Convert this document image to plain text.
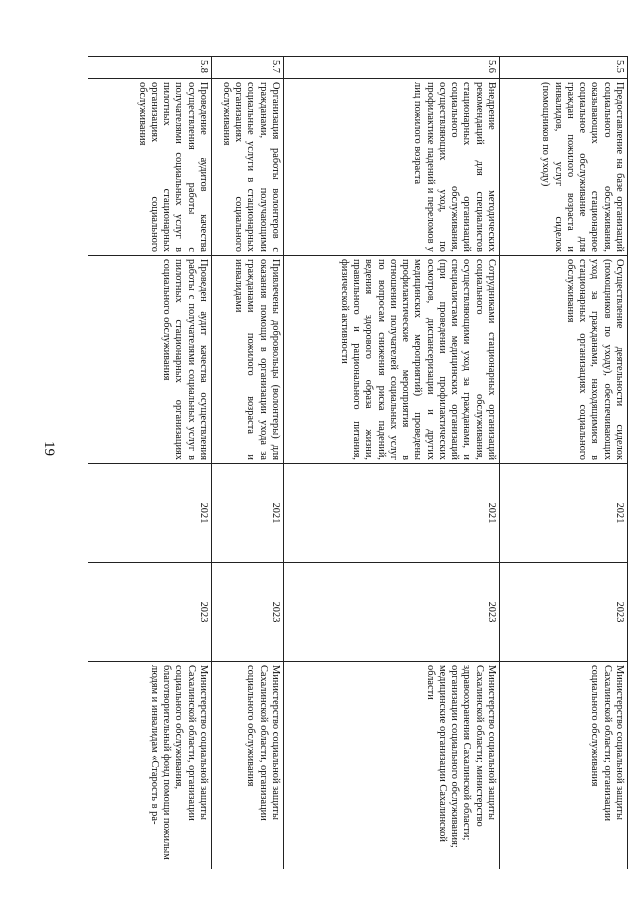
19
5.5	Предоставление на базе организаций социального обслуживания, оказывающих стационарное социальное обслуживание для граждан пожилого возраста и инвалидов, услуг сиделок (помощников по уходу)	Осуществление деятельности сиделок (помощников по уходу), обеспечивающих уход за гражданами, находящимися в стационарных организациях социального обслуживания	2021	2023	Министерство социальной защиты Сахалинской области; организации социального обслуживания
5.6	Внедрение методических рекомендаций для специалистов стационарных организаций социального обслуживания, осуществляющих уход, по профилактике падений и переломов у лиц пожилого возраста	Сотрудниками стационарных организаций социального обслуживания, осуществляющими уход за гражданами, и специалистами медицинских организаций (при проведении профилактических осмотров, диспансеризации и других медицинских мероприятий) проведены профилактические мероприятия в отношении получателей социальных услуг по вопросам снижения риска падений, ведения здорового образа жизни, правильного и рационального питания, физической активности	2021	2023	Министерство социальной защиты Сахалинской области; министерство здравоохранения Сахалинской области; организации социального обслуживания; медицинские организации Сахалинской области
5.7	Организация работы волонтеров с гражданами, получающими социальные услуги в стационарных организациях социального обслуживания	Привлечены добровольцы (волонтеры) для оказания помощи в организации ухода за гражданами пожилого возраста и инвалидами	2021	2023	Министерство социальной защиты Сахалинской области, организации социального обслуживания
5.8	Проведение аудитов качества осуществления работы с получателями социальных услуг в пилотных стационарных организациях социального обслуживания	Проведен аудит качества осуществления работы с получателями социальных услуг в пилотных стационарных организациях социального обслуживания	2021	2023	Министерство социальной защиты Сахалинской области, организации социального обслуживания, благотворительный фонд помощи пожилым людям и инвалидам «Старость в ра-
